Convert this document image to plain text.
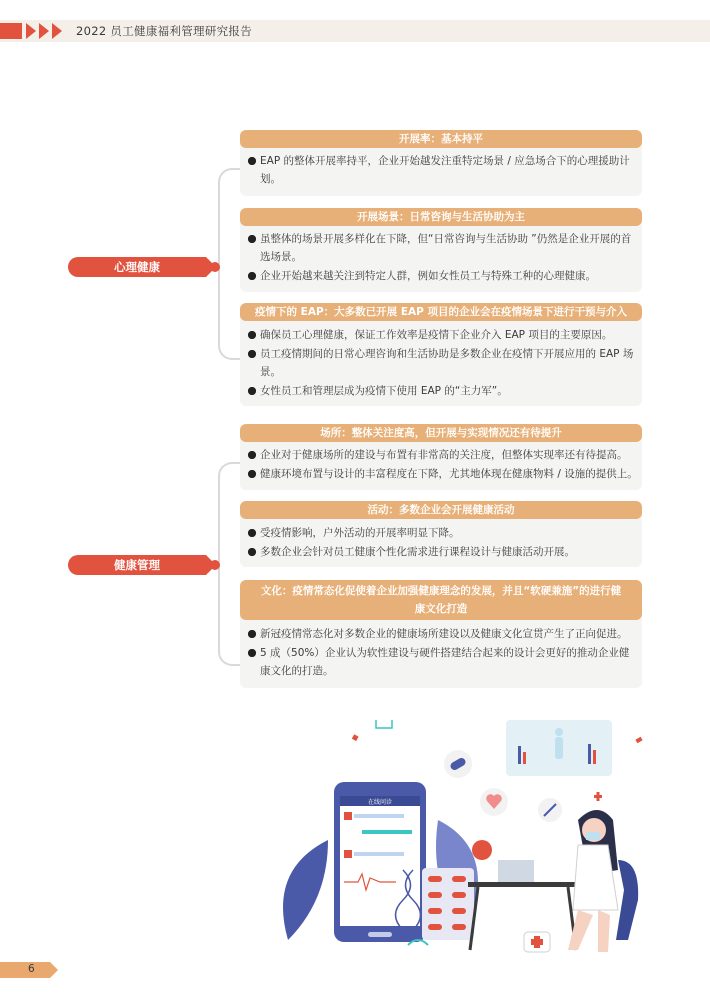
2022 员工健康福利管理研究报告
心理健康
开展率：基本持平
EAP 的整体开展率持平，企业开始越发注重特定场景 / 应急场合下的心理援助计划。
开展场景：日常咨询与生活协助为主
虽整体的场景开展多样化在下降，但“日常咨询与生活协助 ”仍然是企业开展的首选场景。
企业开始越来越关注到特定人群，例如女性员工与特殊工种的心理健康。
疫情下的 EAP：大多数已开展 EAP 项目的企业会在疫情场景下进行干预与介入
确保员工心理健康，保证工作效率是疫情下企业介入 EAP 项目的主要原因。
员工疫情期间的日常心理咨询和生活协助是多数企业在疫情下开展应用的 EAP 场景。
女性员工和管理层成为疫情下使用 EAP 的“主力军”。
健康管理
场所：整体关注度高，但开展与实现情况还有待提升
企业对于健康场所的建设与布置有非常高的关注度，但整体实现率还有待提高。
健康环境布置与设计的丰富程度在下降，尤其地体现在健康物料 / 设施的提供上。
活动：多数企业会开展健康活动
受疫情影响，户外活动的开展率明显下降。
多数企业会针对员工健康个性化需求进行课程设计与健康活动开展。
文化：疫情常态化促使着企业加强健康理念的发展，并且“软硬兼施”的进行健康文化打造
新冠疫情常态化对多数企业的健康场所建设以及健康文化宣贯产生了正向促进。
5 成（50%）企业认为软性建设与硬件搭建结合起来的设计会更好的推动企业健康文化的打造。
在线问诊
6
